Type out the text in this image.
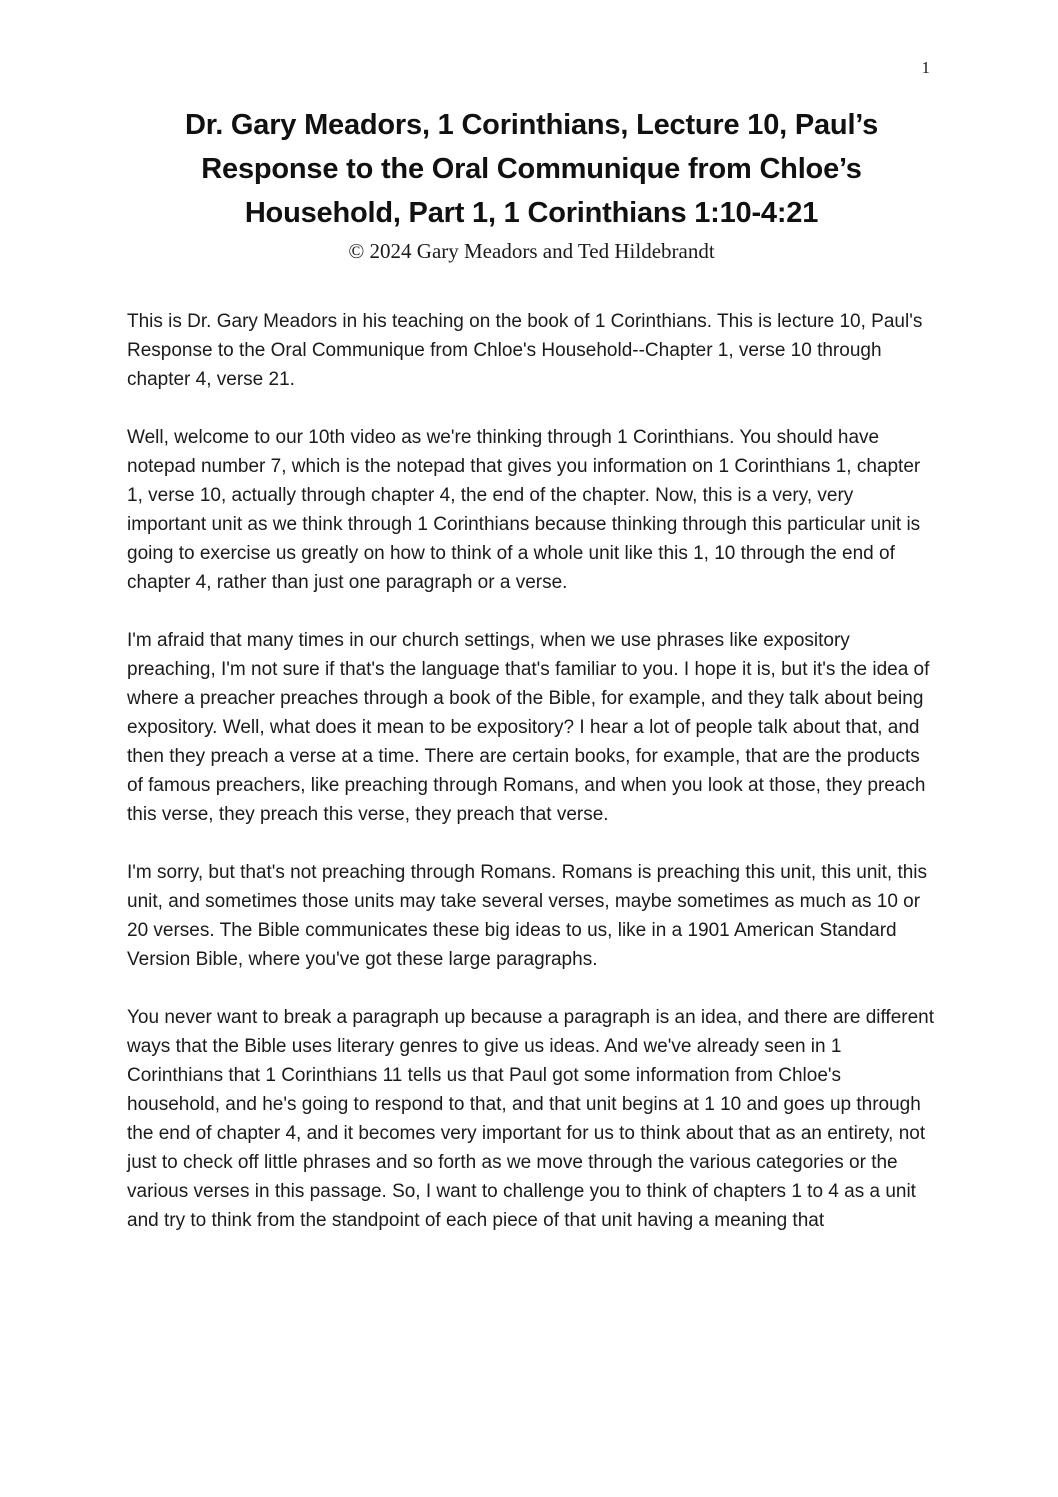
1
Dr. Gary Meadors, 1 Corinthians, Lecture 10, Paul’s
Response to the Oral Communique from Chloe’s
Household, Part 1, 1 Corinthians 1:10-4:21
© 2024 Gary Meadors and Ted Hildebrandt

This is Dr. Gary Meadors in his teaching on the book of 1 Corinthians. This is lecture 10, Paul's Response to the Oral Communique from Chloe's Household--Chapter 1, verse 10 through chapter 4, verse 21.

Well, welcome to our 10th video as we're thinking through 1 Corinthians. You should have notepad number 7, which is the notepad that gives you information on 1 Corinthians 1, chapter 1, verse 10, actually through chapter 4, the end of the chapter. Now, this is a very, very important unit as we think through 1 Corinthians because thinking through this particular unit is going to exercise us greatly on how to think of a whole unit like this 1, 10 through the end of chapter 4, rather than just one paragraph or a verse.

I'm afraid that many times in our church settings, when we use phrases like expository preaching, I'm not sure if that's the language that's familiar to you. I hope it is, but it's the idea of where a preacher preaches through a book of the Bible, for example, and they talk about being expository. Well, what does it mean to be expository? I hear a lot of people talk about that, and then they preach a verse at a time. There are certain books, for example, that are the products of famous preachers, like preaching through Romans, and when you look at those, they preach this verse, they preach this verse, they preach that verse.

I'm sorry, but that's not preaching through Romans. Romans is preaching this unit, this unit, this unit, and sometimes those units may take several verses, maybe sometimes as much as 10 or 20 verses. The Bible communicates these big ideas to us, like in a 1901 American Standard Version Bible, where you've got these large paragraphs.

You never want to break a paragraph up because a paragraph is an idea, and there are different ways that the Bible uses literary genres to give us ideas. And we've already seen in 1 Corinthians that 1 Corinthians 11 tells us that Paul got some information from Chloe's household, and he's going to respond to that, and that unit begins at 1 10 and goes up through the end of chapter 4, and it becomes very important for us to think about that as an entirety, not just to check off little phrases and so forth as we move through the various categories or the various verses in this passage. So, I want to challenge you to think of chapters 1 to 4 as a unit and try to think from the standpoint of each piece of that unit having a meaning that
